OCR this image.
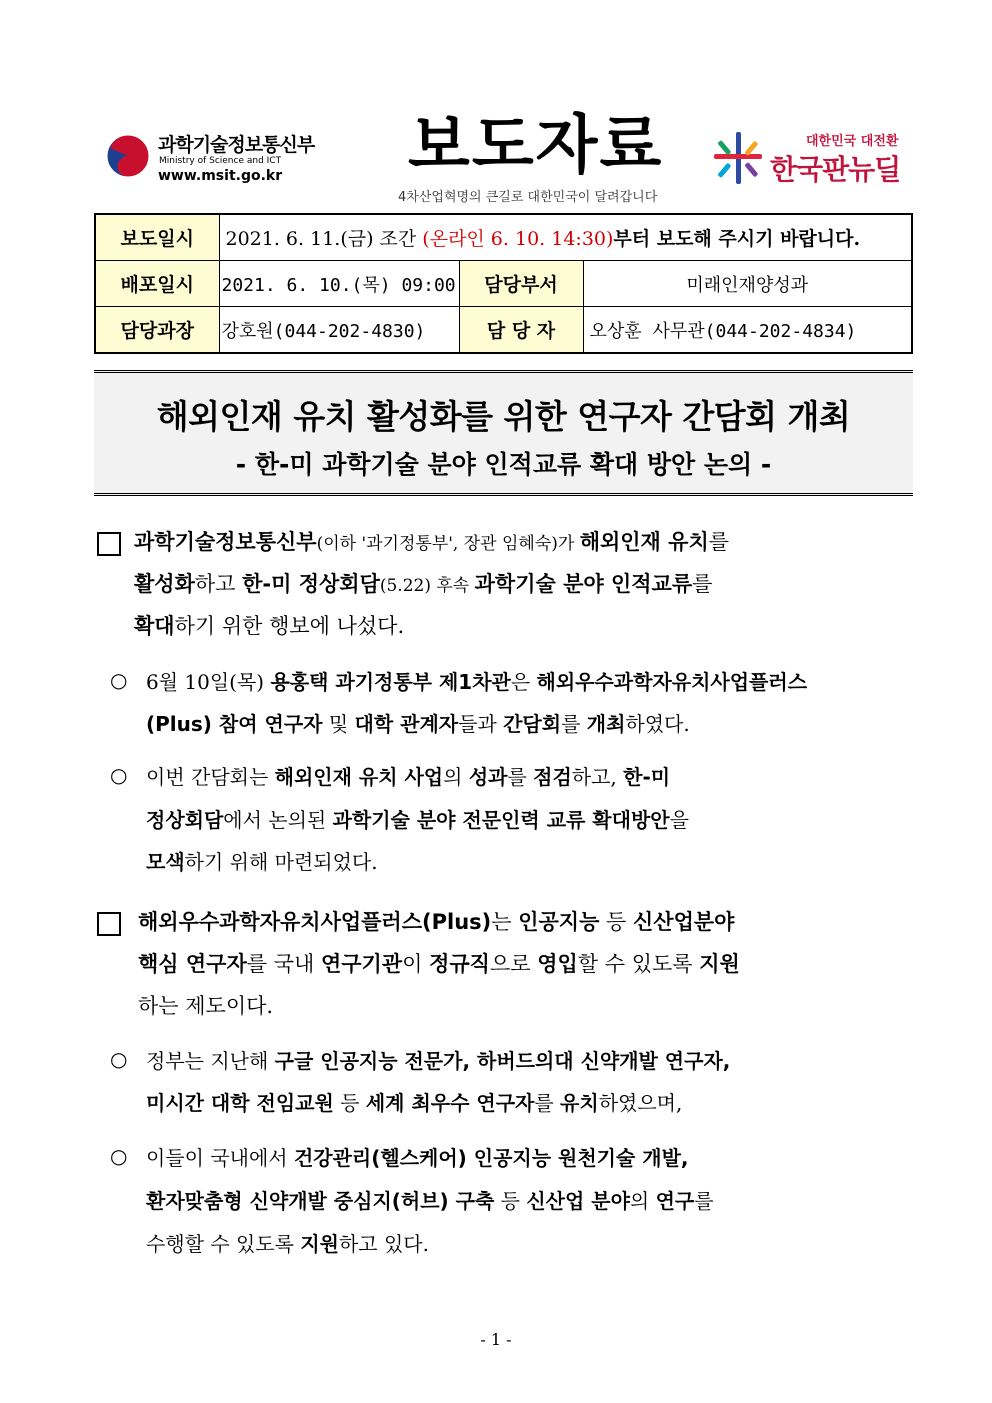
과학기술정보통신부
Ministry of Science and ICT
www.msit.go.kr 보도자료
4차산업혁명의 큰길로 대한민국이 달려갑니다
대한민국 대전환
한국판뉴딜
보도일시	2021. 6. 11.(금) 조간 (온라인 6. 10. 14:30)부터 보도해 주시기 바랍니다.		
배포일시	2021. 6. 10.(목) 09:00	담당부서	미래인재양성과
담당과장	강호원(044-202-4830)	담 당 자	오상훈 사무관(044-202-4834)
해외인재 유치 활성화를 위한 연구자 간담회 개최
- 한-미 과학기술 분야 인적교류 확대 방안 논의 -
과학기술정보통신부(이하 '과기정통부', 장관 임혜숙)가 해외인재 유치를
활성화하고 한-미 정상회담(5.22) 후속 과학기술 분야 인적교류를
확대하기 위한 행보에 나섰다.
○ 6월 10일(목) 용홍택 과기정통부 제1차관은 해외우수과학자유치사업플러스
(Plus) 참여 연구자 및 대학 관계자들과 간담회를 개최하였다.
○ 이번 간담회는 해외인재 유치 사업의 성과를 점검하고, 한-미
정상회담에서 논의된 과학기술 분야 전문인력 교류 확대방안을
모색하기 위해 마련되었다.
해외우수과학자유치사업플러스(Plus)는 인공지능 등 신산업분야
핵심 연구자를 국내 연구기관이 정규직으로 영입할 수 있도록 지원
하는 제도이다.
○ 정부는 지난해 구글 인공지능 전문가, 하버드의대 신약개발 연구자,
미시간 대학 전임교원 등 세계 최우수 연구자를 유치하였으며,
○ 이들이 국내에서 건강관리(헬스케어) 인공지능 원천기술 개발,
환자맞춤형 신약개발 중심지(허브) 구축 등 신산업 분야의 연구를
수행할 수 있도록 지원하고 있다.
- 1 -
